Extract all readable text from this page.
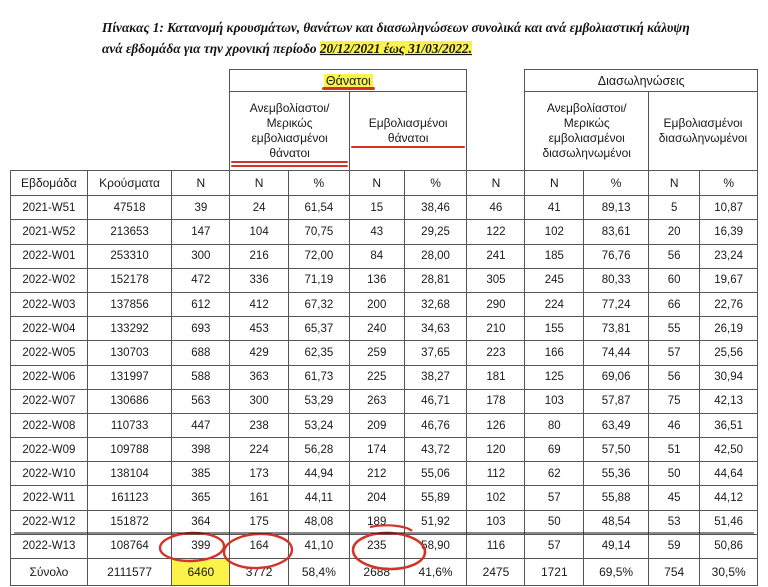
Πίνακας 1: Κατανομή κρουσμάτων, θανάτων και διασωληνώσεων συνολικά και ανά εμβολιαστική κάλυψη ανά εβδομάδα για την χρονική περίοδο 20/12/2021 έως 31/03/2022.
			Θάνατοι					Διασωληνώσεις			
			Ανεμβολίαστοι/ Μερικώς εμβολιασμένοι θάνατοι		Εμβολιασμένοι θάνατοι			Ανεμβολίαστοι/ Μερικώς εμβολιασμένοι διασωληνωμένοι		Εμβολιασμένοι διασωληνωμένοι	
Εβδομάδα	Κρούσματα	N	N	%	N	%	N	N	%	N	%
2021-W51	47518	39	24	61,54	15	38,46	46	41	89,13	5	10,87
2021-W52	213653	147	104	70,75	43	29,25	122	102	83,61	20	16,39
2022-W01	253310	300	216	72,00	84	28,00	241	185	76,76	56	23,24
2022-W02	152178	472	336	71,19	136	28,81	305	245	80,33	60	19,67
2022-W03	137856	612	412	67,32	200	32,68	290	224	77,24	66	22,76
2022-W04	133292	693	453	65,37	240	34,63	210	155	73,81	55	26,19
2022-W05	130703	688	429	62,35	259	37,65	223	166	74,44	57	25,56
2022-W06	131997	588	363	61,73	225	38,27	181	125	69,06	56	30,94
2022-W07	130686	563	300	53,29	263	46,71	178	103	57,87	75	42,13
2022-W08	110733	447	238	53,24	209	46,76	126	80	63,49	46	36,51
2022-W09	109788	398	224	56,28	174	43,72	120	69	57,50	51	42,50
2022-W10	138104	385	173	44,94	212	55,06	112	62	55,36	50	44,64
2022-W11	161123	365	161	44,11	204	55,89	102	57	55,88	45	44,12
2022-W12	151872	364	175	48,08	189	51,92	103	50	48,54	53	51,46
2022-W13	108764	399	164	41,10	235	58,90	116	57	49,14	59	50,86
Σύνολο	2111577	6460	3772	58,4%	2688	41,6%	2475	1721	69,5%	754	30,5%
